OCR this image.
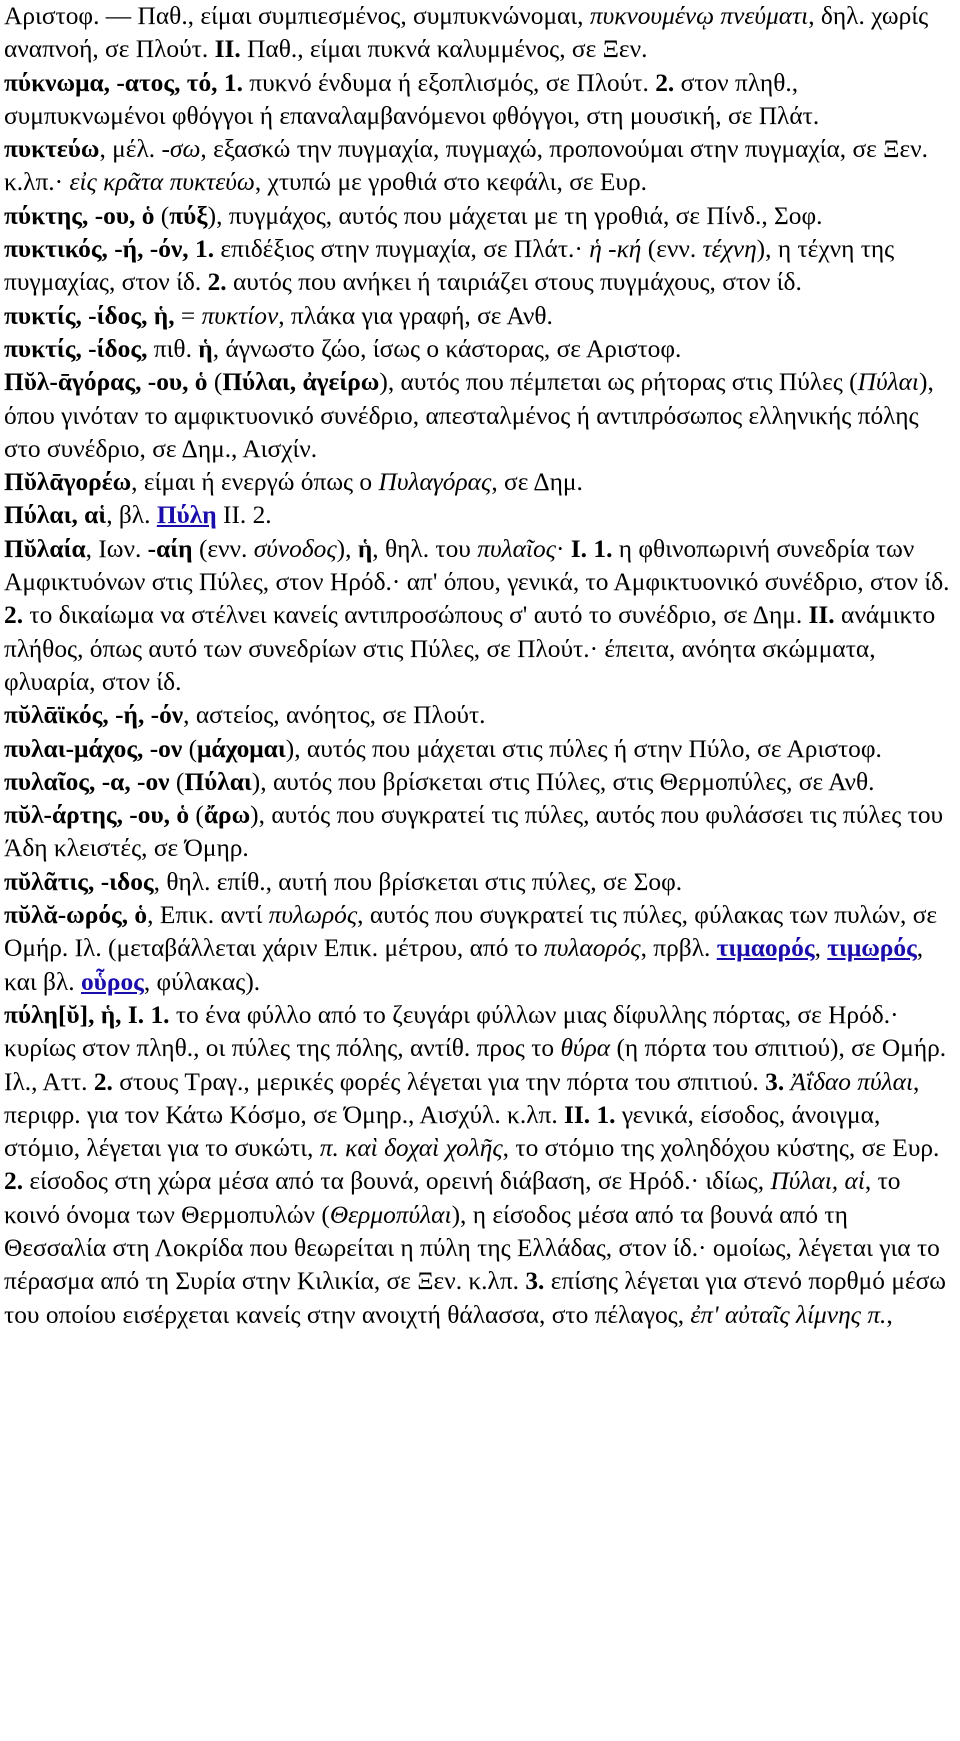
Αριστοφ. — Παθ., είμαι συμπιεσμένος, συμπυκνώνομαι, πυκνουμένῳ πνεύματι, δηλ. χωρίς αναπνοή, σε Πλούτ. II. Παθ., είμαι πυκνά καλυμμένος, σε Ξεν.

πύκνωμα, -ατος, τό, 1. πυκνό ένδυμα ή εξοπλισμός, σε Πλούτ. 2. στον πληθ., συμπυκνωμένοι φθόγγοι ή επαναλαμβανόμενοι φθόγγοι, στη μουσική, σε Πλάτ.

πυκτεύω, μέλ. -σω, εξασκώ την πυγμαχία, πυγμαχώ, προπονούμαι στην πυγμαχία, σε Ξεν. κ.λπ.· εἰς κρᾶτα πυκτεύω, χτυπώ με γροθιά στο κεφάλι, σε Ευρ.

πύκτης, -ου, ὁ (πύξ), πυγμάχος, αυτός που μάχεται με τη γροθιά, σε Πίνδ., Σοφ.

πυκτικός, -ή, -όν, 1. επιδέξιος στην πυγμαχία, σε Πλάτ.· ἡ -κή (ενν. τέχνη), η τέχνη της πυγμαχίας, στον ίδ. 2. αυτός που ανήκει ή ταιριάζει στους πυγμάχους, στον ίδ.

πυκτίς, -ίδος, ἡ, = πυκτίον, πλάκα για γραφή, σε Ανθ.

πυκτίς, -ίδος, πιθ. ἡ, άγνωστο ζώο, ίσως ο κάστορας, σε Αριστοφ.

Πῠλ-ᾱγόρας, -ου, ὁ (Πύλαι, ἀγείρω), αυτός που πέμπεται ως ρήτορας στις Πύλες (Πύλαι), όπου γινόταν το αμφικτυονικό συνέδριο, απεσταλμένος ή αντιπρόσωπος ελληνικής πόλης στο συνέδριο, σε Δημ., Αισχίν.

Πῠλᾱγορέω, είμαι ή ενεργώ όπως ο Πυλαγόρας, σε Δημ.

Πύλαι, αἱ, βλ. Πύλη II. 2.

Πῠλαία, Ιων. -αίη (ενν. σύνοδος), ἡ, θηλ. του πυλαῖος· I. 1. η φθινοπωρινή συνεδρία των Αμφικτυόνων στις Πύλες, στον Ηρόδ.· απ' όπου, γενικά, το Αμφικτυονικό συνέδριο, στον ίδ. 2. το δικαίωμα να στέλνει κανείς αντιπροσώπους σ' αυτό το συνέδριο, σε Δημ. II. ανάμικτο πλήθος, όπως αυτό των συνεδρίων στις Πύλες, σε Πλούτ.· έπειτα, ανόητα σκώμματα, φλυαρία, στον ίδ.

πῠλᾱϊκός, -ή, -όν, αστείος, ανόητος, σε Πλούτ.

πυλαι-μάχος, -ον (μάχομαι), αυτός που μάχεται στις πύλες ή στην Πύλο, σε Αριστοφ.

πυλαῖος, -α, -ον (Πύλαι), αυτός που βρίσκεται στις Πύλες, στις Θερμοπύλες, σε Ανθ.

πῠλ-άρτης, -ου, ὁ (ἄρω), αυτός που συγκρατεί τις πύλες, αυτός που φυλάσσει τις πύλες του Άδη κλειστές, σε Όμηρ.

πῠλᾶτις, -ιδος, θηλ. επίθ., αυτή που βρίσκεται στις πύλες, σε Σοφ.

πῠλᾰ-ωρός, ὁ, Επικ. αντί πυλωρός, αυτός που συγκρατεί τις πύλες, φύλακας των πυλών, σε Ομήρ. Ιλ. (μεταβάλλεται χάριν Επικ. μέτρου, από το πυλαορός, πρβλ. τιμαορός, τιμωρός, και βλ. οὗρος, φύλακας).

πύλη[ῠ], ἡ, I. 1. το ένα φύλλο από το ζευγάρι φύλλων μιας δίφυλλης πόρτας, σε Ηρόδ.· κυρίως στον πληθ., οι πύλες της πόλης, αντίθ. προς το θύρα (η πόρτα του σπιτιού), σε Ομήρ. Ιλ., Αττ. 2. στους Τραγ., μερικές φορές λέγεται για την πόρτα του σπιτιού. 3. Ἀΐδαο πύλαι, περιφρ. για τον Κάτω Κόσμο, σε Όμηρ., Αισχύλ. κ.λπ. II. 1. γενικά, είσοδος, άνοιγμα, στόμιο, λέγεται για το συκώτι, π. καὶ δοχαὶ χολῆς, το στόμιο της χοληδόχου κύστης, σε Ευρ. 2. είσοδος στη χώρα μέσα από τα βουνά, ορεινή διάβαση, σε Ηρόδ.· ιδίως, Πύλαι, αἱ, το κοινό όνομα των Θερμοπυλών (Θερμοπύλαι), η είσοδος μέσα από τα βουνά από τη Θεσσαλία στη Λοκρίδα που θεωρείται η πύλη της Ελλάδας, στον ίδ.· ομοίως, λέγεται για το πέρασμα από τη Συρία στην Κιλικία, σε Ξεν. κ.λπ. 3. επίσης λέγεται για στενό πορθμό μέσω του οποίου εισέρχεται κανείς στην ανοιχτή θάλασσα, στο πέλαγος, ἐπ' αὐταῖς λίμνης π.,
